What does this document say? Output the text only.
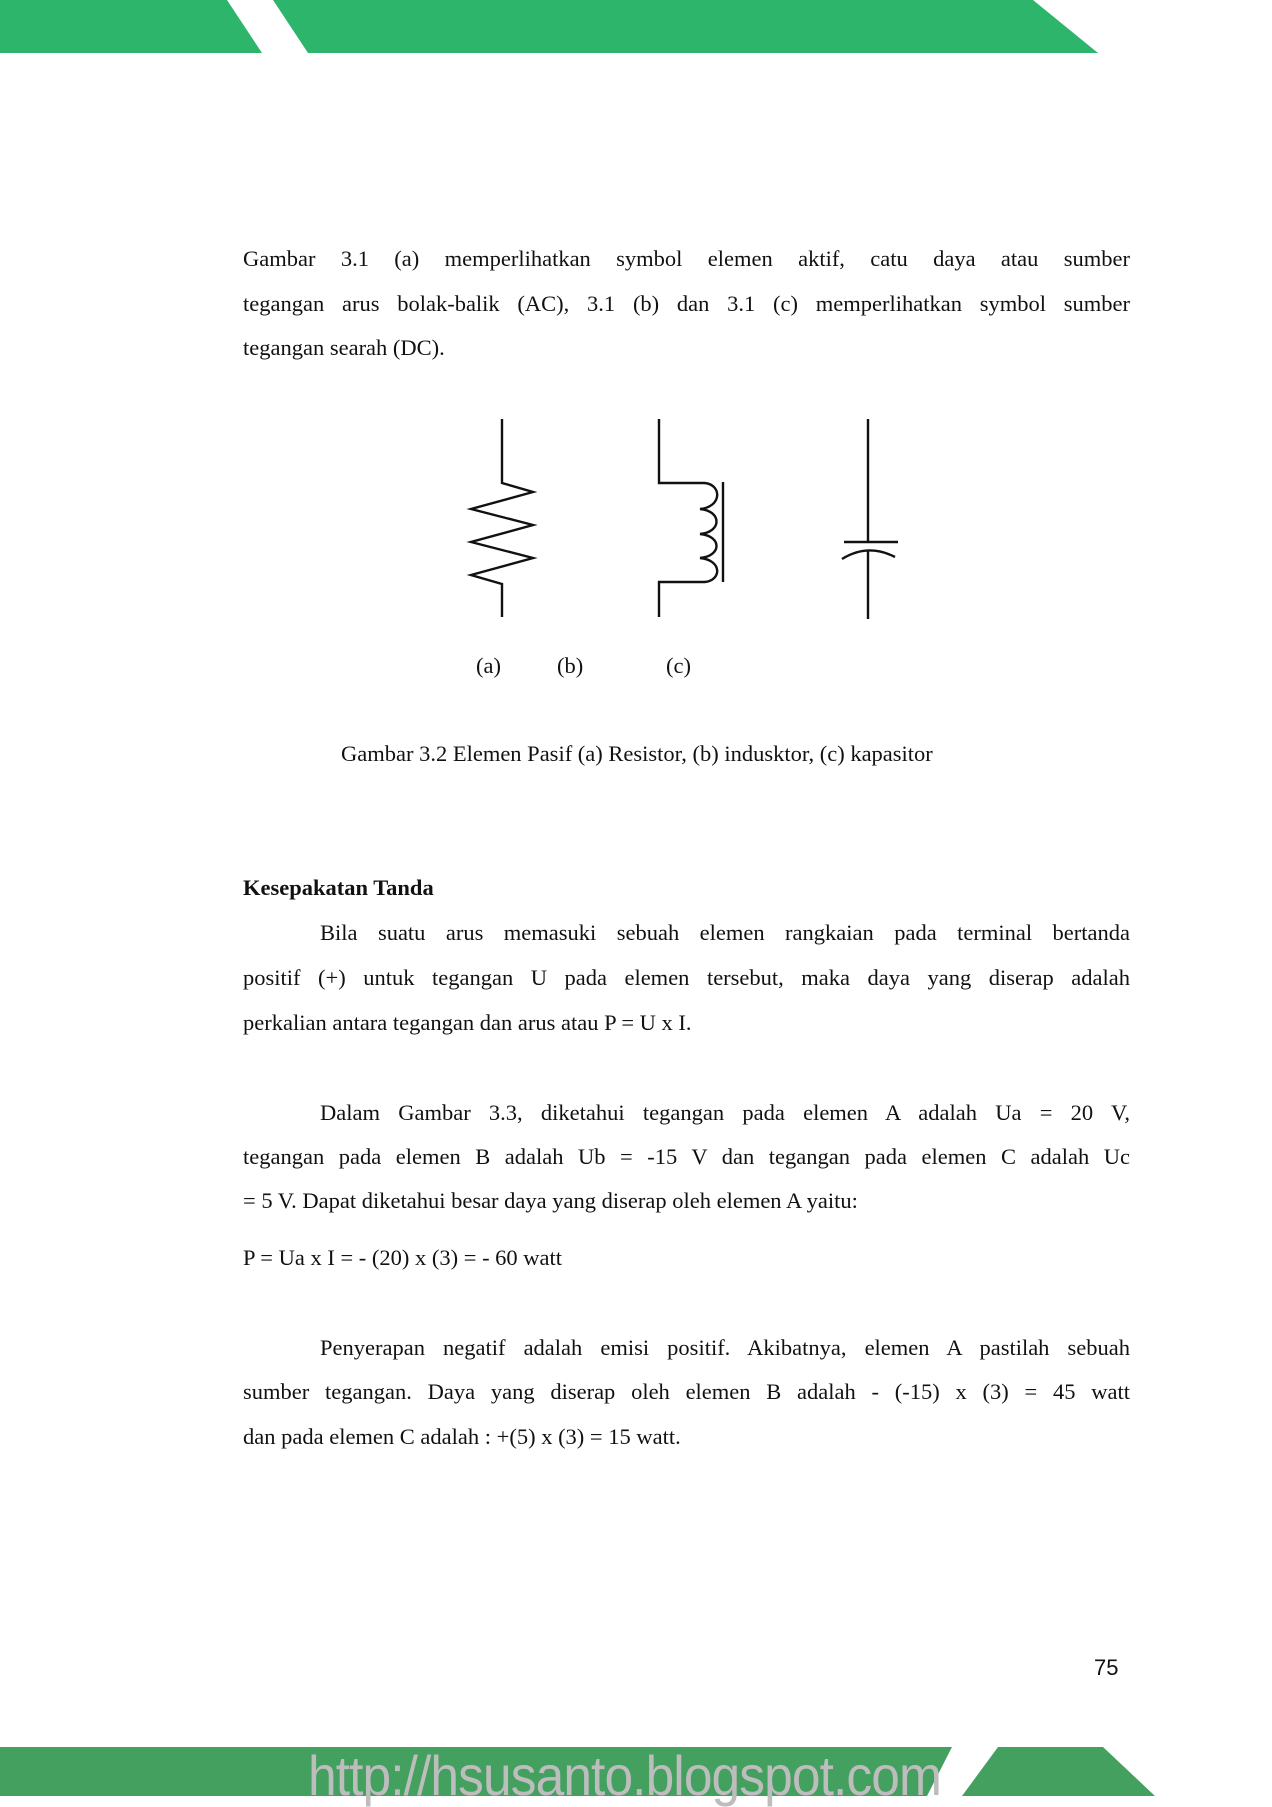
Gambar 3.1 (a) memperlihatkan symbol elemen aktif, catu daya atau sumber
tegangan arus bolak-balik (AC), 3.1 (b) dan 3.1 (c) memperlihatkan symbol sumber
tegangan searah (DC).
(a) (b)	(c)
Gambar 3.2 Elemen Pasif (a) Resistor, (b) indusktor, (c) kapasitor
Kesepakatan Tanda
Bila suatu arus memasuki sebuah elemen rangkaian pada terminal bertanda
positif (+) untuk tegangan U pada elemen tersebut, maka daya yang diserap adalah
perkalian antara tegangan dan arus atau P = U x I.
Dalam Gambar 3.3, diketahui tegangan pada elemen A adalah Ua = 20 V,
tegangan pada elemen B adalah Ub = -15 V dan tegangan pada elemen C adalah Uc
= 5 V. Dapat diketahui besar daya yang diserap oleh elemen A yaitu:
P = Ua x I = - (20) x (3) = - 60 watt
Penyerapan negatif adalah emisi positif. Akibatnya, elemen A pastilah sebuah
sumber tegangan. Daya yang diserap oleh elemen B adalah - (-15) x (3) = 45 watt
dan pada elemen C adalah : +(5) x (3) = 15 watt.
75
http://hsusanto.blogspot.com
